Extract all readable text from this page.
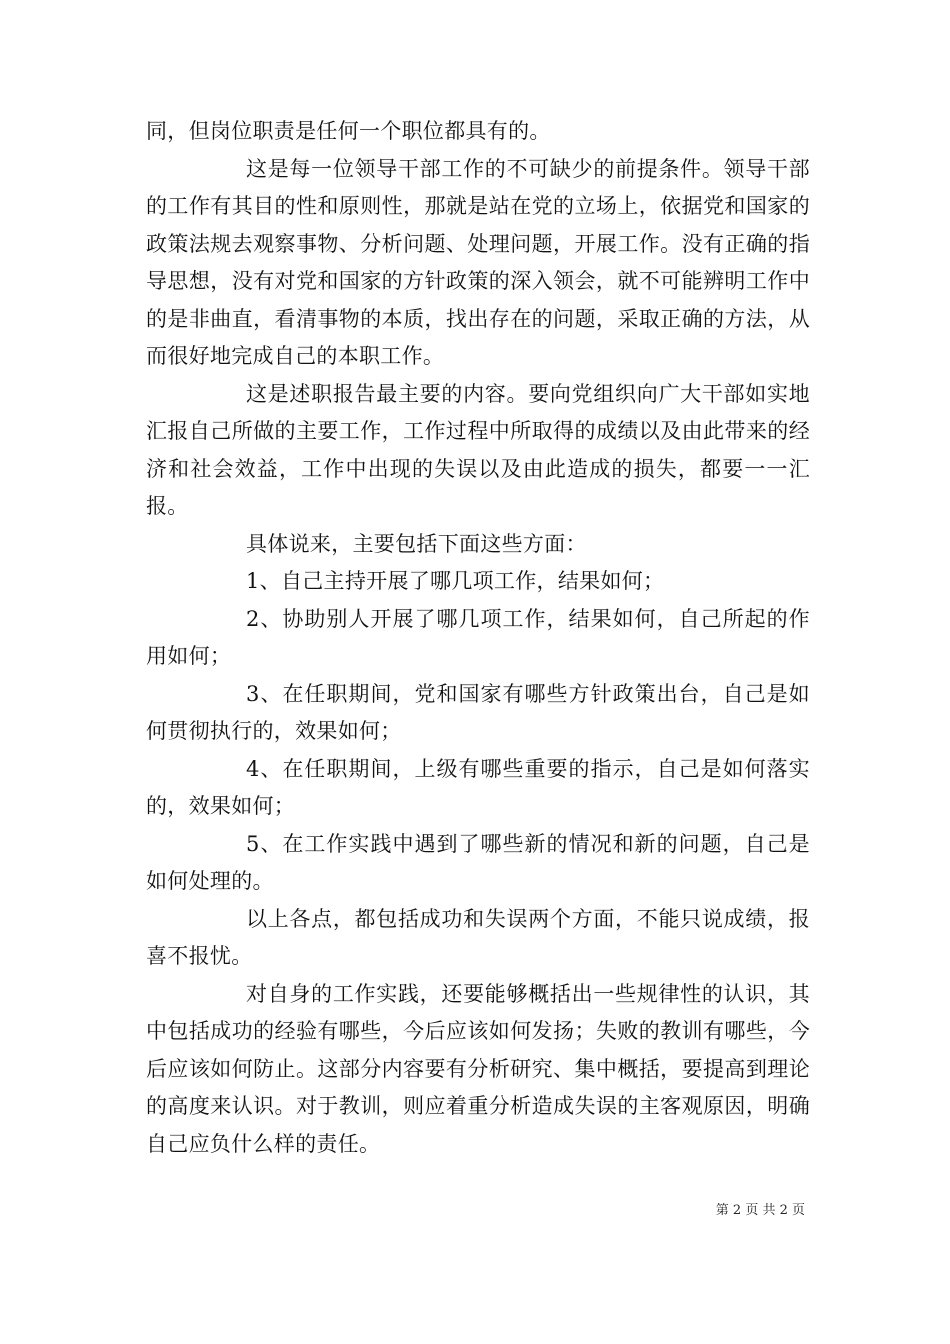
同，但岗位职责是任何一个职位都具有的。

这是每一位领导干部工作的不可缺少的前提条件。领导干部的工作有其目的性和原则性，那就是站在党的立场上，依据党和国家的政策法规去观察事物、分析问题、处理问题，开展工作。没有正确的指导思想，没有对党和国家的方针政策的深入领会，就不可能辨明工作中的是非曲直，看清事物的本质，找出存在的问题，采取正确的方法，从而很好地完成自己的本职工作。

这是述职报告最主要的内容。要向党组织向广大干部如实地汇报自己所做的主要工作，工作过程中所取得的成绩以及由此带来的经济和社会效益，工作中出现的失误以及由此造成的损失，都要一一汇报。

具体说来，主要包括下面这些方面：

1、自己主持开展了哪几项工作，结果如何；

2、协助别人开展了哪几项工作，结果如何，自己所起的作用如何；

3、在任职期间，党和国家有哪些方针政策出台，自己是如何贯彻执行的，效果如何；

4、在任职期间，上级有哪些重要的指示，自己是如何落实的，效果如何；

5、在工作实践中遇到了哪些新的情况和新的问题，自己是如何处理的。

以上各点，都包括成功和失误两个方面，不能只说成绩，报喜不报忧。

对自身的工作实践，还要能够概括出一些规律性的认识，其中包括成功的经验有哪些，今后应该如何发扬；失败的教训有哪些，今后应该如何防止。这部分内容要有分析研究、集中概括，要提高到理论的高度来认识。对于教训，则应着重分析造成失误的主客观原因，明确自己应负什么样的责任。

第 2 页 共 2 页
